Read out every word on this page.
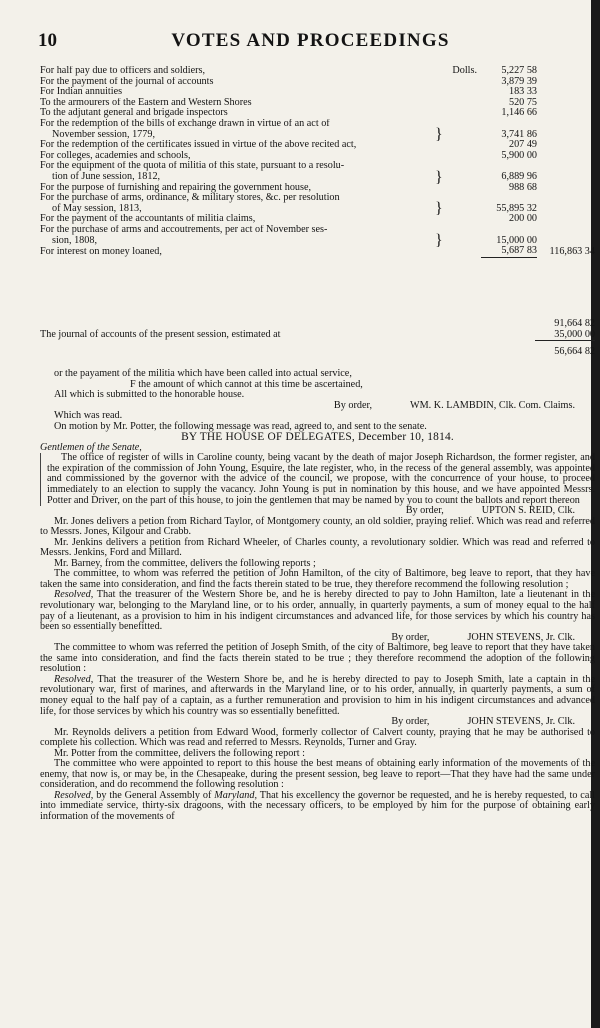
10	VOTES AND PROCEEDINGS
For half pay due to officers and soldiers,	Dolls.	5,227 58
For the payment of the journal of accounts	3,879 39
For Indian annuities	183 33
To the armourers of the Eastern and Western Shores	520 75
To the adjutant general and brigade inspectors	1,146 66
For the redemption of the bills of exchange drawn in virtue of an act of
November session, 1779,	}	3,741 86
For the redemption of the certificates issued in virtue of the above recited act,	207 49
For colleges, academies and schools,	5,900 00
For the equipment of the quota of militia of this state, pursuant to a resolu-
tion of June session, 1812,	}	6,889 96
For the purpose of furnishing and repairing the government house,	988 68
For the purchase of arms, ordinance, & military stores, &c. per resolution
of May session, 1813,	}	55,895 32
For the payment of the accountants of militia claims,	200 00
For the purchase of arms and accoutrements, per act of November ses-
sion, 1808,	}	15,000 00
For interest on money loaned,	5,687 83	116,863 34
91,664 82
The journal of accounts of the present session, estimated at	35,000 00
56,664 82

or the payament of the militia which have been called into actual service,

F the amount of which cannot at this time be ascertained,

All which is submitted to the honorable house.

By order,	WM. K. LAMBDIN, Clk. Com. Claims.

Which was read.

On motion by Mr. Potter, the following message was read, agreed to, and sent to the senate.

BY THE HOUSE OF DELEGATES, December 10, 1814.

Gentlemen of the Senate,

The office of register of wills in Caroline county, being vacant by the death of major Joseph Richardson, the former register, and the expiration of the commission of John Young, Esquire, the late register, who, in the recess of the general assembly, was appointed and commissioned by the governor with the advice of the council, we propose, with the concurrence of your house, to proceed immediately to an election to supply the vacancy. John Young is put in nomination by this house, and we have appointed Messrs. Potter and Driver, on the part of this house, to join the gentlemen that may be named by you to count the ballots and report thereon

By order,	UPTON S. REID, Clk.

Mr. Jones delivers a petion from Richard Taylor, of Montgomery county, an old soldier, praying relief. Which was read and referred to Messrs. Jones, Kilgour and Crabb.

Mr. Jenkins delivers a petition from Richard Wheeler, of Charles county, a revolutionary soldier. Which was read and referred to Messrs. Jenkins, Ford and Millard.

Mr. Barney, from the committee, delivers the following reports ;

The committee, to whom was referred the petition of John Hamilton, of the city of Baltimore, beg leave to report, that they have taken the same into consideration, and find the facts therein stated to be true, they therefore recommend the following resolution ;

Resolved, That the treasurer of the Western Shore be, and he is hereby directed to pay to John Hamilton, late a lieutenant in the revolutionary war, belonging to the Maryland line, or to his order, annually, in quarterly payments, a sum of money equal to the half pay of a lieutenant, as a provision to him in his indigent circumstances and advanced life, for those services by which his country has been so essentially benefitted.

By order,	JOHN STEVENS, Jr. Clk.

The committee to whom was referred the petition of Joseph Smith, of the city of Baltimore, beg leave to report that they have taken the same into consideration, and find the facts therein stated to be true ; they therefore recommend the adoption of the following resolution :

Resolved, That the treasurer of the Western Shore be, and he is hereby directed to pay to Joseph Smith, late a captain in the revolutionary war, first of marines, and afterwards in the Maryland line, or to his order, annually, in quarterly payments, a sum of money equal to the half pay of a captain, as a further remuneration and provision to him in his indigent circumstances and advanced life, for those services by which his country was so essentially benefitted.

By order,	JOHN STEVENS, Jr. Clk.

Mr. Reynolds delivers a petition from Edward Wood, formerly collector of Calvert county, praying that he may be authorised to complete his collection. Which was read and referred to Messrs. Reynolds, Turner and Gray.

Mr. Potter from the committee, delivers the following report :

The committee who were appointed to report to this house the best means of obtaining early information of the movements of the enemy, that now is, or may be, in the Chesapeake, during the present session, beg leave to report—That they have had the same under consideration, and do recommend the following resolution :

Resolved, by the General Assembly of Maryland, That his excellency the governor be requested, and he is hereby requested, to call into immediate service, thirty-six dragoons, with the necessary officers, to be employed by him for the purpose of obtaining early information of the movements of
